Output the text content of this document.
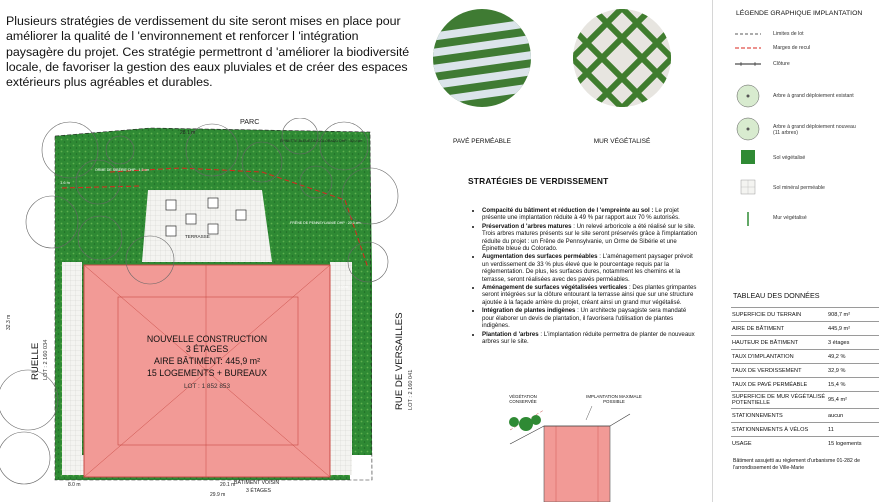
Plusieurs stratégies de verdissement du site seront mises en place pour améliorer la qualité de l 'environnement et renforcer l 'intégration paysagère du projet. Ces stratégie permettront d 'améliorer la biodiversité locale, de favoriser la gestion des eaux pluviales et de créer des espaces extérieurs plus agréables et durables.
TERRASSE
NOUVELLE CONSTRUCTION
3 ÉTAGES
AIRE BÂTIMENT: 445,9 m²
15 LOGEMENTS + BUREAUX
LOT : 1 852 853
PARC
28.1 m
ORME DE SIBÉRIE DHP : 1,5 cm
ÉPINETTE BLEUE DU COLORADO DHP : 30,0 cm
FRÊNE DE PENNSYLVANIE DHP : 20,0 cm
1.6 m
3.0 m
RUELLE LOT : 2 160 034
32.3 m	RUE DE VERSAILLES LOT : 2 160 041
8.0 m	20.1 m
29.9 m
BÂTIMENT VOISIN
3 ÉTAGES
PAVÉ PERMÉABLE	MUR VÉGÉTALISÉ
STRATÉGIES DE VERDISSEMENT
• Compacité du bâtiment et réduction de l 'empreinte au sol : Le projet présente une implantation réduite à 49 % par rapport aux 70 % autorisés.
• Préservation d 'arbres matures : Un relevé arboricole a été réalisé sur le site. Trois arbres matures présents sur le site seront préservés grâce à l'implantation réduite du projet : un Frêne de Pennsylvanie, un Orme de Sibérie et une Épinette bleue du Colorado.
• Augmentation des surfaces perméables : L'aménagement paysager prévoit un verdissement de 33 % plus élevé que le pourcentage requis par la réglementation. De plus, les surfaces dures, notamment les chemins et la terrasse, seront réalisées avec des pavés perméables.
• Aménagement de surfaces végétalisées verticales : Des plantes grimpantes seront intégrées sur la clôture entourant la terrasse ainsi que sur une structure ajoutée à la façade arrière du projet, créant ainsi un grand mur végétalisé.
• Intégration de plantes indigènes : Un architecte paysagiste sera mandaté pour élaborer un devis de plantation, il favorisera l'utilisation de plantes indigènes.
• Plantation d 'arbres : L'implantation réduite permettra de planter de nouveaux arbres sur le site.
VÉGÉTATION CONSERVÉE
IMPLANTATION MAXIMALE POSSIBLE
LÉGENDE GRAPHIQUE IMPLANTATION
Limites de lot
Marges de recul
Clôture
Arbre à grand déploiement existant
Arbre à grand déploiement nouveau (11 arbres)
Sol végétalisé
Sol minéral perméable
Mur végétalisé
TABLEAU DES DONNÉES
SUPERFICIE DU TERRAIN	908,7 m²
AIRE DE BÂTIMENT	445,9 m²
HAUTEUR DE BÂTIMENT	3 étages
TAUX D'IMPLANTATION	49,2 %
TAUX DE VERDISSEMENT	32,9 %
TAUX DE PAVÉ PERMÉABLE	15,4 %
SUPERFICIE DE MUR VÉGÉTALISÉ POTENTIELLE	95,4 m²
STATIONNEMENTS	aucun
STATIONNEMENTS À VÉLOS	11
USAGE	15 logements
Bâtiment assujetti au règlement d'urbanisme 01-282 de l'arrondissement de Ville-Marie
